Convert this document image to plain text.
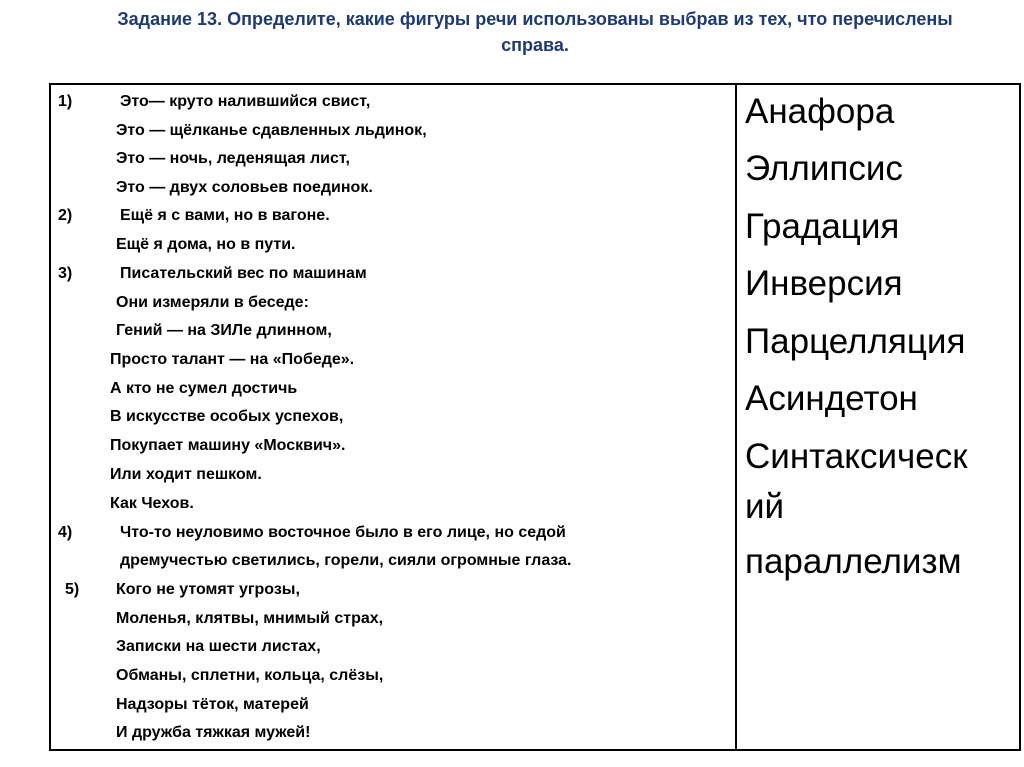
Задание 13. Определите, какие фигуры речи использованы выбрав из тех, что перечислены
справа.
1)	Это— круто налившийся свист,
Это — щёлканье сдавленных льдинок,
Это — ночь, леденящая лист,
Это — двух соловьев поединок.
2)	Ещё я с вами, но в вагоне.
Ещё я дома, но в пути.
3)	Писательский вес по машинам
Они измеряли в беседе:
Гений — на ЗИЛе длинном,
Просто талант — на «Победе».
А кто не сумел достичь
В искусстве особых успехов,
Покупает машину «Москвич».
Или ходит пешком.
Как Чехов.
4)	Что-то неуловимо восточное было в его лице, но седой
дремучестью светились, горели, сияли огромные глаза.
5) Кого не утомят угрозы,
Моленья, клятвы, мнимый страх,
Записки на шести листах,
Обманы, сплетни, кольца, слёзы,
Надзоры тёток, матерей
И дружба тяжкая мужей!
Анафора
Эллипсис
Градация
Инверсия
Парцелляция
Асиндетон
Синтаксическ
ий
параллелизм
